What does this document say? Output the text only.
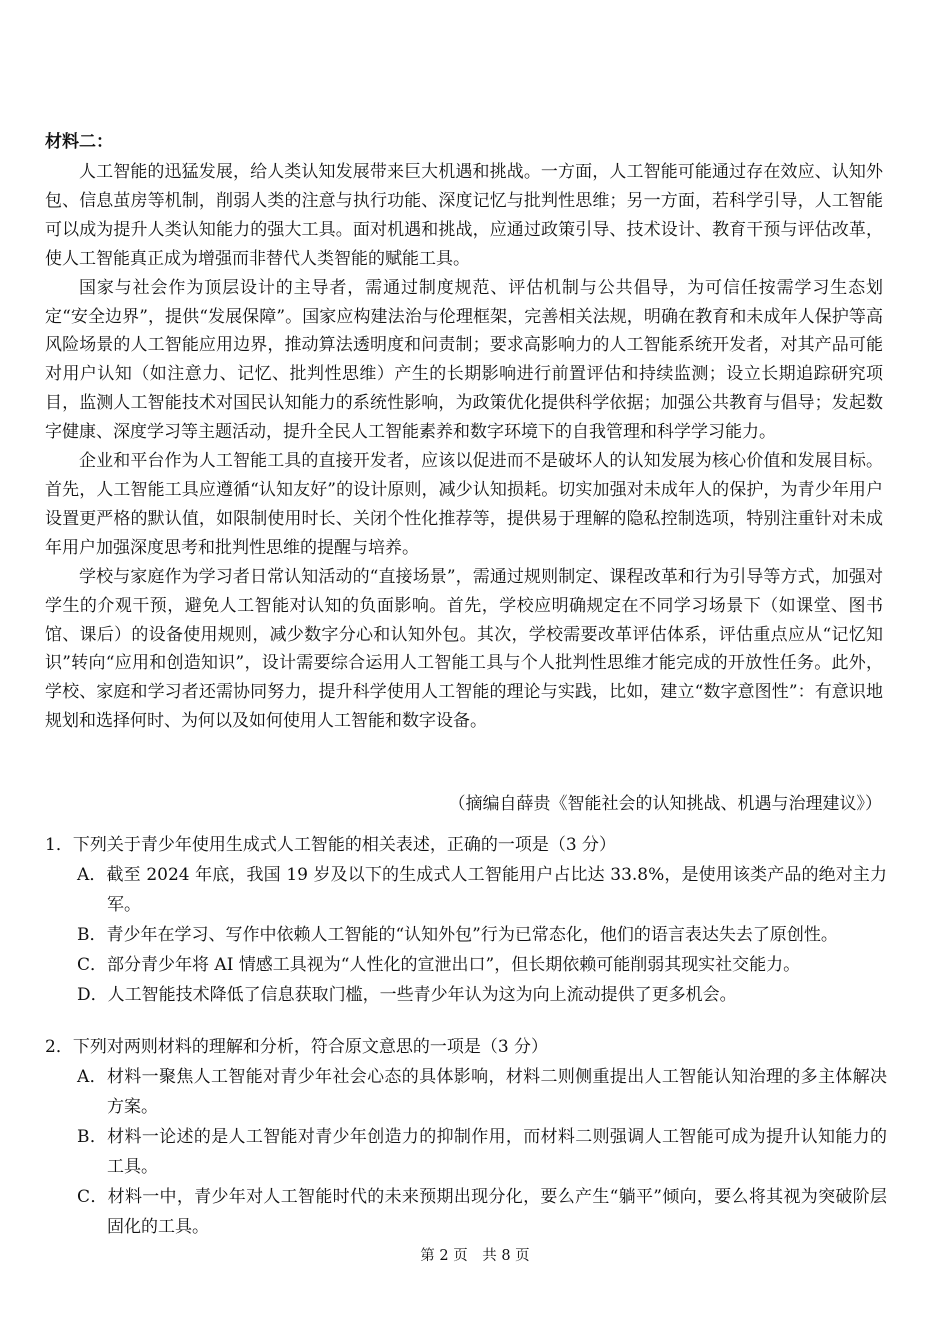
材料二：

人工智能的迅猛发展，给人类认知发展带来巨大机遇和挑战。一方面，人工智能可能通过存在效应、认知外包、信息茧房等机制，削弱人类的注意与执行功能、深度记忆与批判性思维；另一方面，若科学引导，人工智能可以成为提升人类认知能力的强大工具。面对机遇和挑战，应通过政策引导、技术设计、教育干预与评估改革，使人工智能真正成为增强而非替代人类智能的赋能工具。

国家与社会作为顶层设计的主导者，需通过制度规范、评估机制与公共倡导，为可信任按需学习生态划定“安全边界”，提供“发展保障”。国家应构建法治与伦理框架，完善相关法规，明确在教育和未成年人保护等高风险场景的人工智能应用边界，推动算法透明度和问责制；要求高影响力的人工智能系统开发者，对其产品可能对用户认知（如注意力、记忆、批判性思维）产生的长期影响进行前置评估和持续监测；设立长期追踪研究项目，监测人工智能技术对国民认知能力的系统性影响，为政策优化提供科学依据；加强公共教育与倡导；发起数字健康、深度学习等主题活动，提升全民人工智能素养和数字环境下的自我管理和科学学习能力。

企业和平台作为人工智能工具的直接开发者，应该以促进而不是破坏人的认知发展为核心价值和发展目标。首先，人工智能工具应遵循“认知友好”的设计原则，减少认知损耗。切实加强对未成年人的保护，为青少年用户设置更严格的默认值，如限制使用时长、关闭个性化推荐等，提供易于理解的隐私控制选项，特别注重针对未成年用户加强深度思考和批判性思维的提醒与培养。

学校与家庭作为学习者日常认知活动的“直接场景”，需通过规则制定、课程改革和行为引导等方式，加强对学生的介观干预，避免人工智能对认知的负面影响。首先，学校应明确规定在不同学习场景下（如课堂、图书馆、课后）的设备使用规则，减少数字分心和认知外包。其次，学校需要改革评估体系，评估重点应从“记忆知识”转向“应用和创造知识”，设计需要综合运用人工智能工具与个人批判性思维才能完成的开放性任务。此外，学校、家庭和学习者还需协同努力，提升科学使用人工智能的理论与实践，比如，建立“数字意图性”：有意识地规划和选择何时、为何以及如何使用人工智能和数字设备。

（摘编自薛贵《智能社会的认知挑战、机遇与治理建议》）
1．下列关于青少年使用生成式人工智能的相关表述，正确的一项是（3 分）
A．截至 2024 年底，我国 19 岁及以下的生成式人工智能用户占比达 33.8%，是使用该类产品的绝对主力军。
B．青少年在学习、写作中依赖人工智能的“认知外包”行为已常态化，他们的语言表达失去了原创性。
C．部分青少年将 AI 情感工具视为“人性化的宣泄出口”，但长期依赖可能削弱其现实社交能力。
D．人工智能技术降低了信息获取门槛，一些青少年认为这为向上流动提供了更多机会。
2．下列对两则材料的理解和分析，符合原文意思的一项是（3 分）
A．材料一聚焦人工智能对青少年社会心态的具体影响，材料二则侧重提出人工智能认知治理的多主体解决方案。
B．材料一论述的是人工智能对青少年创造力的抑制作用，而材料二则强调人工智能可成为提升认知能力的工具。
C．材料一中，青少年对人工智能时代的未来预期出现分化，要么产生“躺平”倾向，要么将其视为突破阶层固化的工具。
第 2 页　共 8 页
